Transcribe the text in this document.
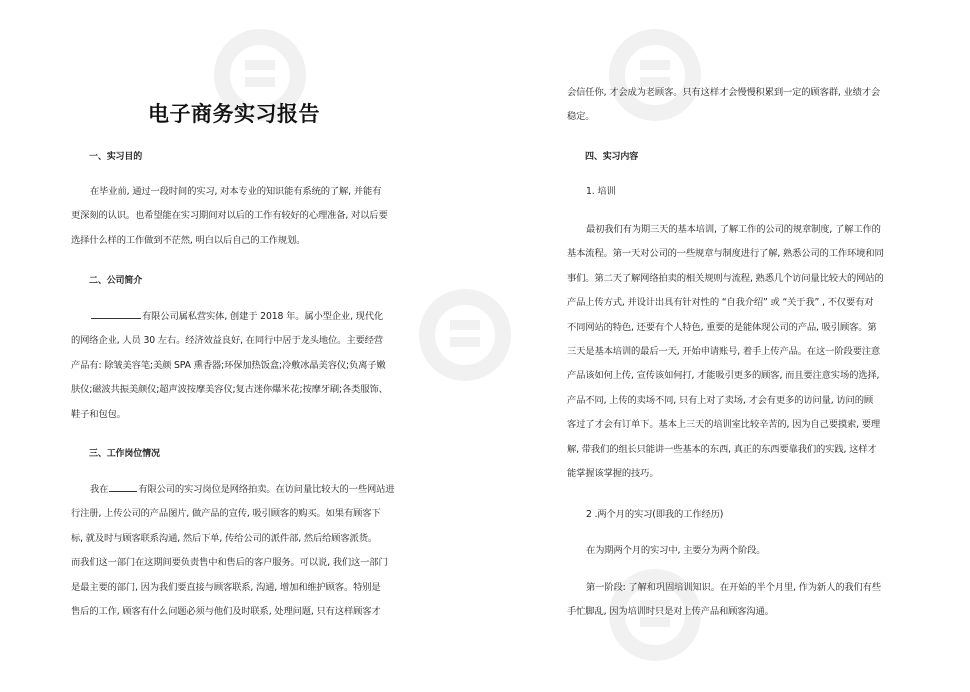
电子商务实习报告
一、实习目的
在毕业前, 通过一段时间的实习, 对本专业的知识能有系统的了解, 并能有
更深刻的认识。也希望能在实习期间对以后的工作有较好的心理准备, 对以后要
选择什么样的工作做到不茫然, 明白以后自己的工作规划。
二、公司简介
有限公司属私营实体, 创建于 2018 年。属小型企业, 现代化
的网络企业, 人员 30 左右。经济效益良好, 在同行中居于龙头地位。主要经营
产品有: 除皱美容笔;美颜 SPA 熏香器;环保加热饭盒;冷敷冰晶美容仪;负离子嫩
肤仪;磁波共振美颜仪;超声波按摩美容仪;复古迷你爆米花;按摩牙刷;各类服饰、
鞋子和包包。
三、工作岗位情况
我在	有限公司的实习岗位是网络拍卖。在访问量比较大的一些网站进
行注册, 上传公司的产品图片, 做产品的宣传, 吸引顾客的购买。如果有顾客下
标, 就及时与顾客联系沟通, 然后下单, 传给公司的派件部, 然后给顾客派货。
而我们这一部门在这期间要负责售中和售后的客户服务。可以说, 我们这一部门
是最主要的部门, 因为我们要直接与顾客联系, 沟通, 增加和维护顾客。特别是
售后的工作, 顾客有什么问题必须与他们及时联系, 处理问题, 只有这样顾客才
会信任你, 才会成为老顾客。只有这样才会慢慢积累到一定的顾客群, 业绩才会
稳定。
四、实习内容
1. 培训
最初我们有为期三天的基本培训, 了解工作的公司的规章制度, 了解工作的
基本流程。第一天对公司的一些规章与制度进行了解, 熟悉公司的工作环境和同
事们。第二天了解网络拍卖的相关规则与流程, 熟悉几个访问量比较大的网站的
产品上传方式, 并设计出具有针对性的 “自我介绍” 或 “关于我” , 不仅要有对
不同网站的特色, 还要有个人特色, 重要的是能体现公司的产品, 吸引顾客。第
三天是基本培训的最后一天, 开始申请账号, 着手上传产品。在这一阶段要注意
产品该如何上传, 宣传该如何打, 才能吸引更多的顾客, 而且要注意实场的选择,
产品不同, 上传的卖场不同, 只有上对了卖场, 才会有更多的访问量, 访问的顾
客过了才会有订单下。基本上三天的培训室比较辛苦的, 因为自己要摸索, 要理
解, 带我们的组长只能讲一些基本的东西, 真正的东西要靠我们的实践, 这样才
能掌握该掌握的技巧。
2 .两个月的实习(即我的工作经历)
在为期两个月的实习中, 主要分为两个阶段。
第一阶段: 了解和巩固培训知识。在开始的半个月里, 作为新人的我们有些
手忙脚乱, 因为培训时只是对上传产品和顾客沟通。
